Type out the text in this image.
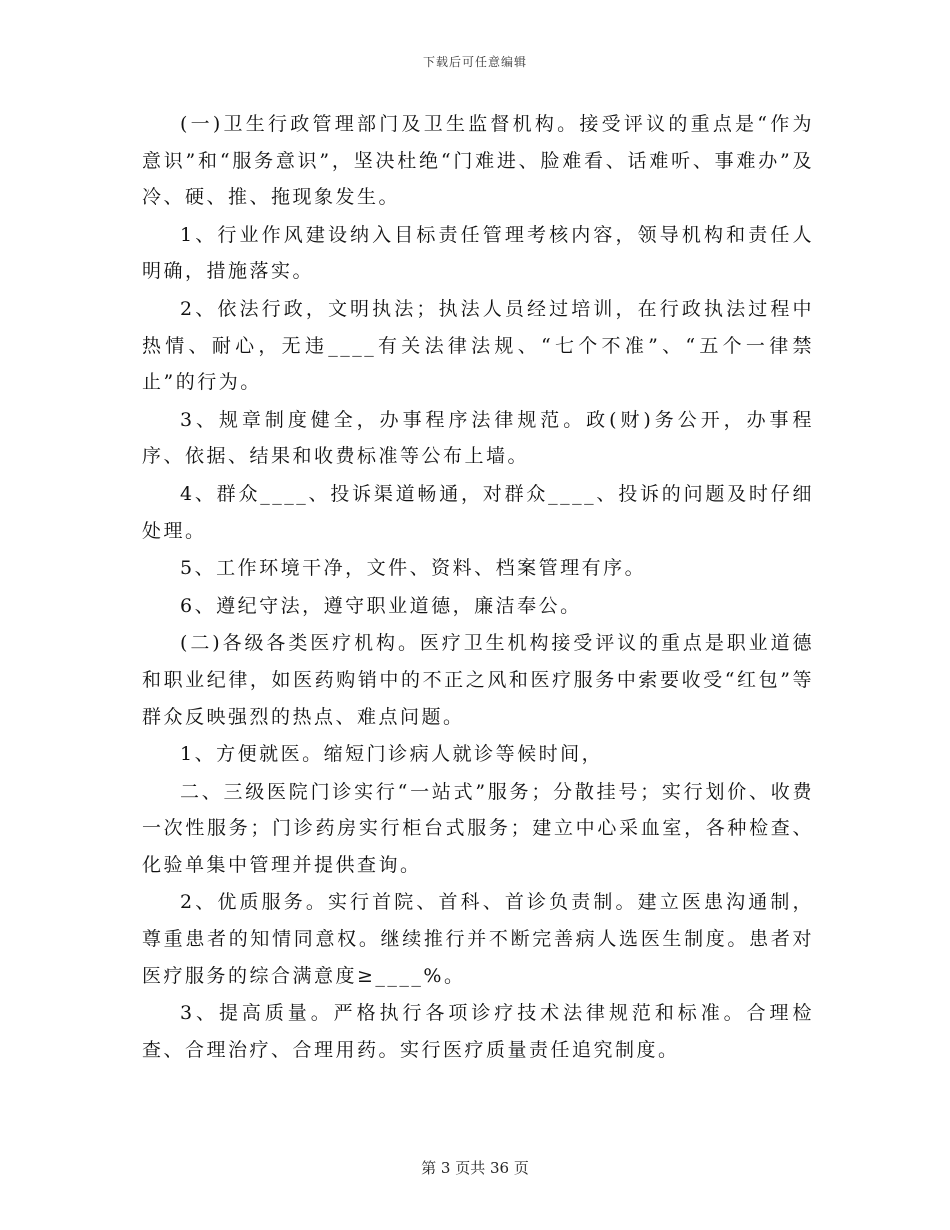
下载后可任意编辑

(一)卫生行政管理部门及卫生监督机构。接受评议的重点是“作为意识”和“服务意识”，坚决杜绝“门难进、脸难看、话难听、事难办”及冷、硬、推、拖现象发生。

1、行业作风建设纳入目标责任管理考核内容，领导机构和责任人明确，措施落实。

2、依法行政，文明执法；执法人员经过培训，在行政执法过程中热情、耐心，无违____有关法律法规、“七个不准”、“五个一律禁止”的行为。

3、规章制度健全，办事程序法律规范。政(财)务公开，办事程序、依据、结果和收费标准等公布上墙。

4、群众____、投诉渠道畅通，对群众____、投诉的问题及时仔细处理。

5、工作环境干净，文件、资料、档案管理有序。

6、遵纪守法，遵守职业道德，廉洁奉公。

(二)各级各类医疗机构。医疗卫生机构接受评议的重点是职业道德和职业纪律，如医药购销中的不正之风和医疗服务中索要收受“红包”等群众反映强烈的热点、难点问题。

1、方便就医。缩短门诊病人就诊等候时间，

二、三级医院门诊实行“一站式”服务；分散挂号；实行划价、收费一次性服务；门诊药房实行柜台式服务；建立中心采血室，各种检查、化验单集中管理并提供查询。

2、优质服务。实行首院、首科、首诊负责制。建立医患沟通制，尊重患者的知情同意权。继续推行并不断完善病人选医生制度。患者对医疗服务的综合满意度≥____%。

3、提高质量。严格执行各项诊疗技术法律规范和标准。合理检查、合理治疗、合理用药。实行医疗质量责任追究制度。

第 3 页共 36 页
